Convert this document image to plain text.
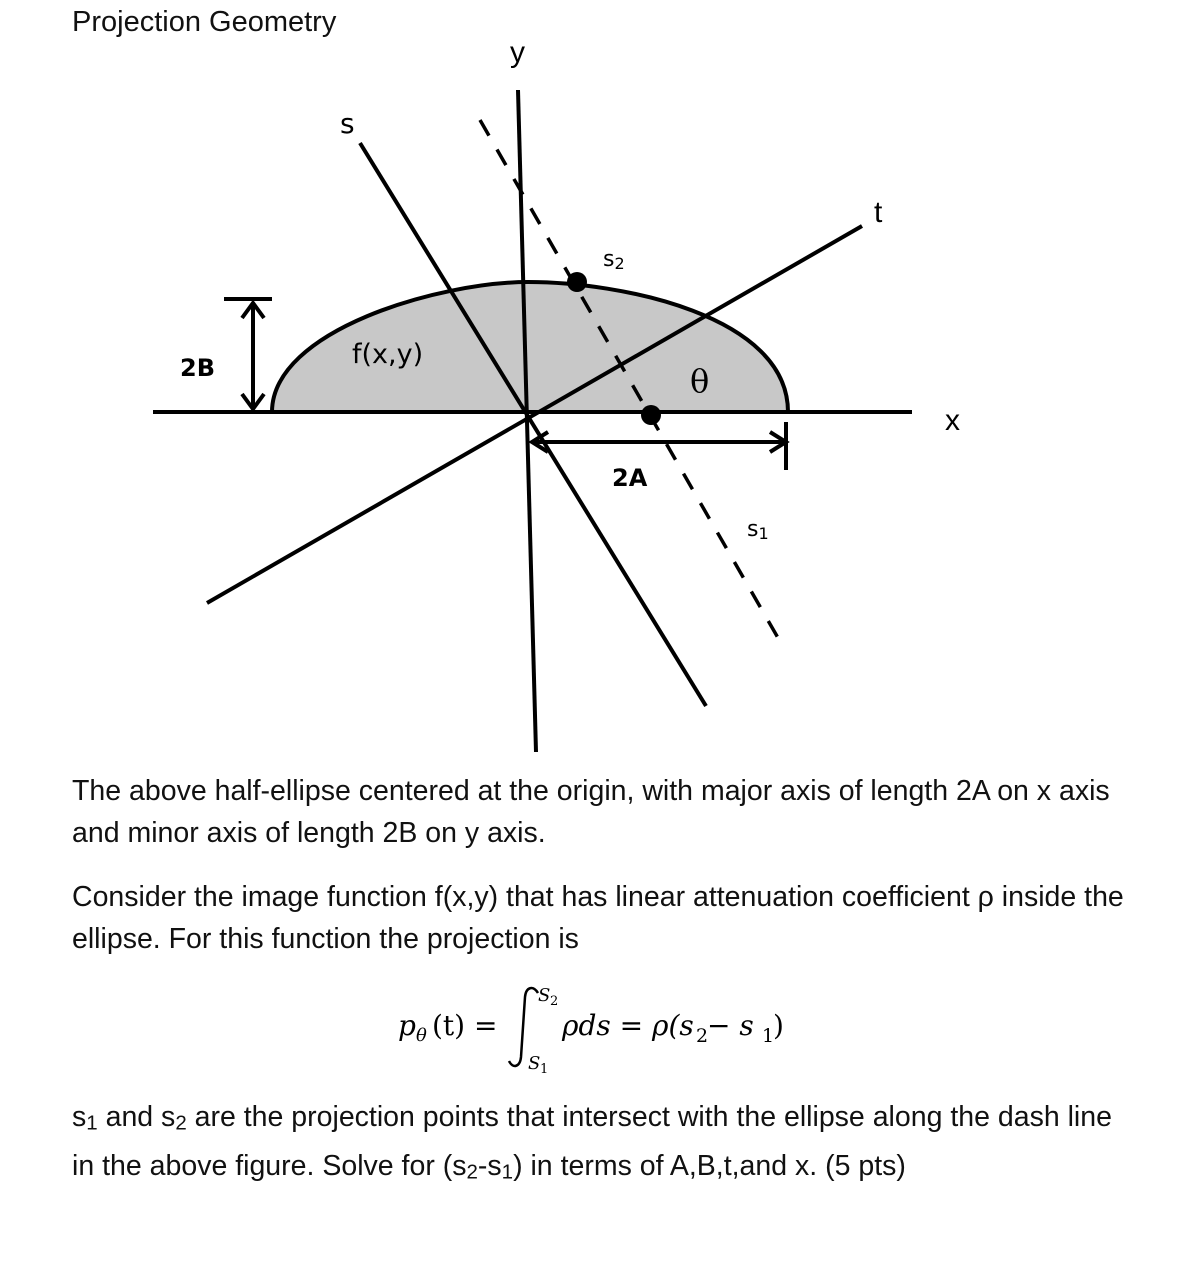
Projection Geometry
y
x
s
t
f(x,y)
θ
2B
2A
s2
s1

The above half-ellipse centered at the origin, with major axis of length 2A on x axis and minor axis of length 2B on y axis.

Consider the image function f(x,y) that has linear attenuation coefficient ρ inside the ellipse. For this function the projection is

p θ (t) =
S 2
S 1
ρds = ρ(s 2
− s 1
)

s1 and s2 are the projection points that intersect with the ellipse along the dash line in the above figure. Solve for (s2-s1) in terms of A,B,t,and x. (5 pts)
